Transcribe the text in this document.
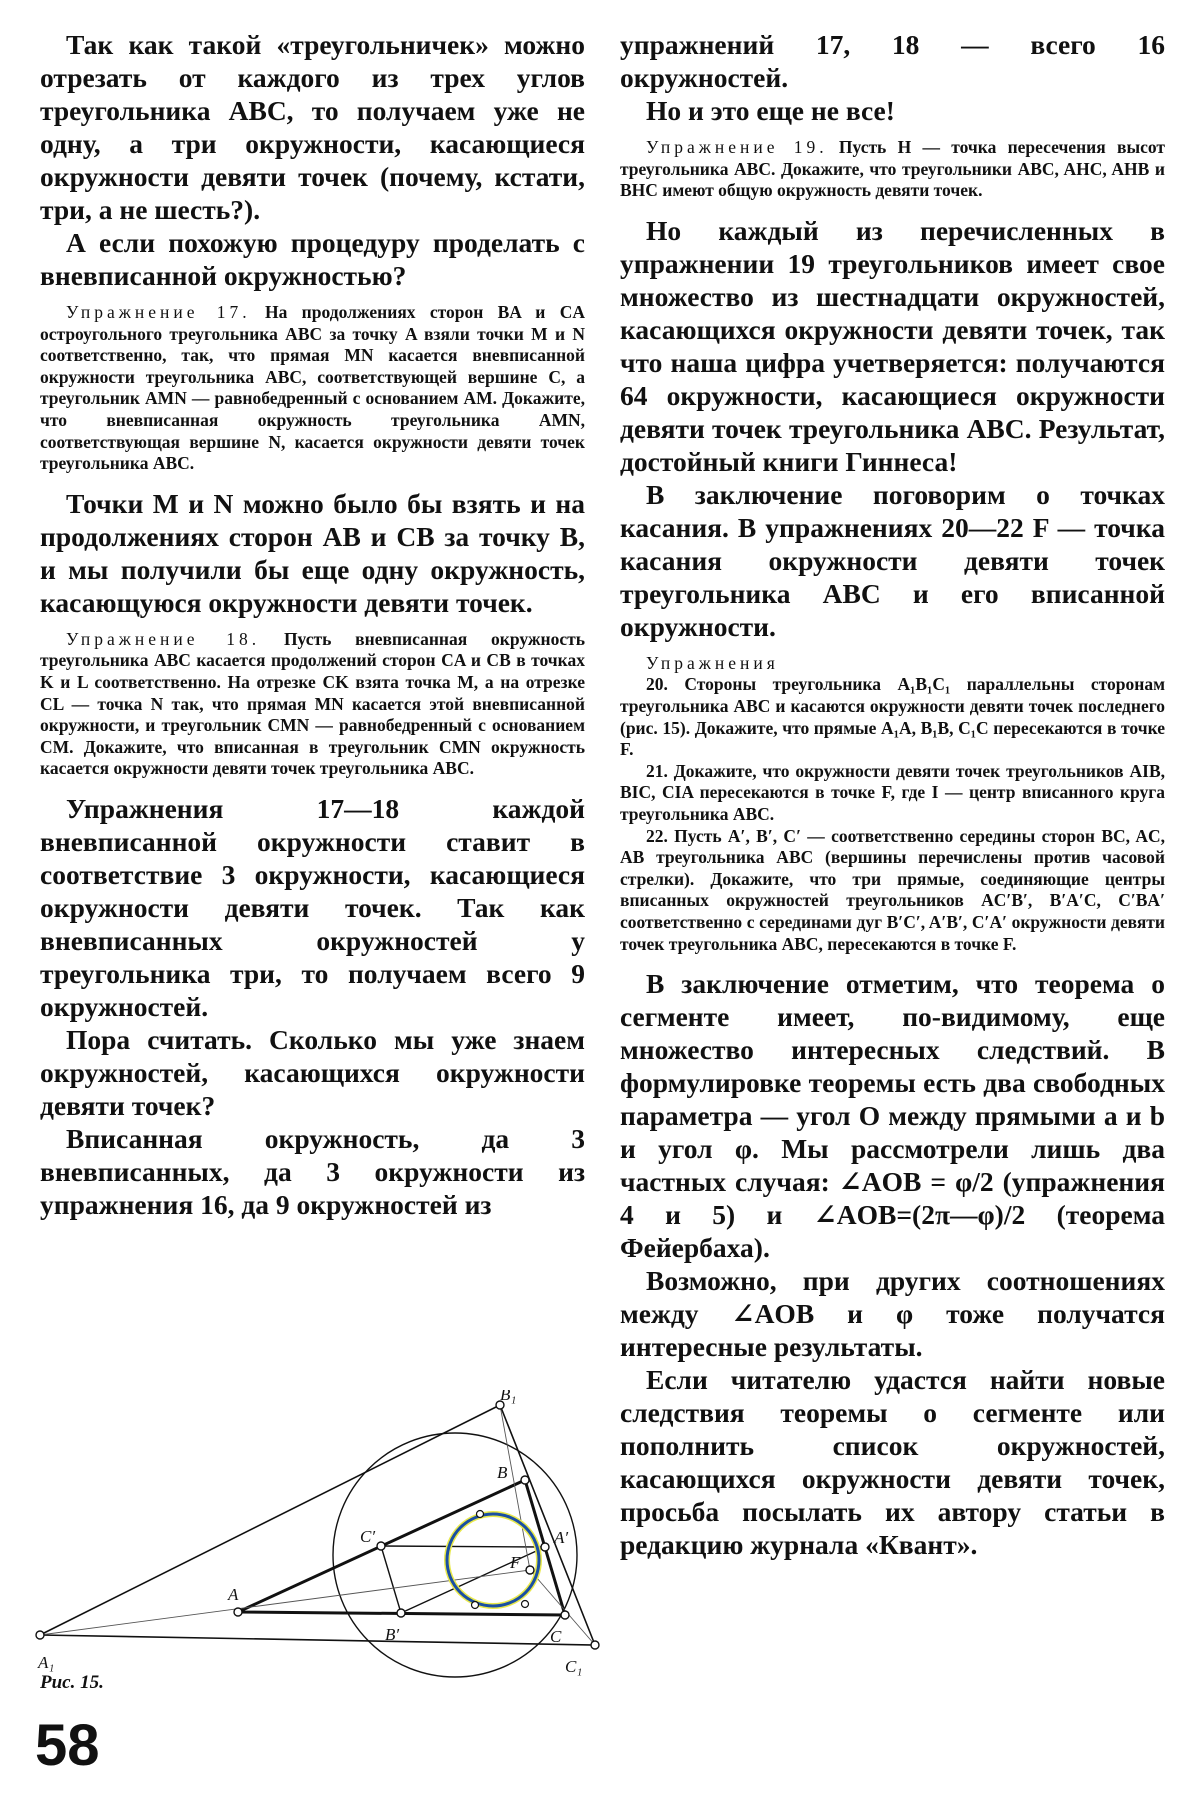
Так как такой «треугольничек» можно отрезать от каждого из трех углов треугольника ABC, то получаем уже не одну, а три окружности, касающиеся окружности девяти точек (почему, кстати, три, а не шесть?).

А если похожую процедуру проделать с вневписанной окружностью?

Упражнение 17. На продолжениях сторон BA и CA остроугольного треугольника ABC за точку A взяли точки M и N соответственно, так, что прямая MN касается вневписанной окружности треугольника ABC, соответствующей вершине C, а треугольник AMN — равнобедренный с основанием AM. Докажите, что вневписанная окружность треугольника AMN, соответствующая вершине N, касается окружности девяти точек треугольника ABC.

Точки M и N можно было бы взять и на продолжениях сторон AB и CB за точку B, и мы получили бы еще одну окружность, касающуюся окружности девяти точек.

Упражнение 18. Пусть вневписанная окружность треугольника ABC касается продолжений сторон CA и CB в точках K и L соответственно. На отрезке CK взята точка M, а на отрезке CL — точка N так, что прямая MN касается этой вневписанной окружности, и треугольник CMN — равнобедренный с основанием CM. Докажите, что вписанная в треугольник CMN окружность касается окружности девяти точек треугольника ABC.

Упражнения 17—18 каждой вневписанной окружности ставит в соответствие 3 окружности, касающиеся окружности девяти точек. Так как вневписанных окружностей у треугольника три, то получаем всего 9 окружностей.

Пора считать. Сколько мы уже знаем окружностей, касающихся окружности девяти точек?

Вписанная окружность, да 3 вневписанных, да 3 окружности из упражнения 16, да 9 окружностей из

упражнений 17, 18 — всего 16 окружностей.

Но и это еще не все!

Упражнение 19. Пусть H — точка пересечения высот треугольника ABC. Докажите, что треугольники ABC, AHC, AHB и BHC имеют общую окружность девяти точек.

Но каждый из перечисленных в упражнении 19 треугольников имеет свое множество из шестнадцати окружностей, касающихся окружности девяти точек, так что наша цифра учетверяется: получаются 64 окружности, касающиеся окружности девяти точек треугольника ABC. Результат, достойный книги Гиннеса!

В заключение поговорим о точках касания. В упражнениях 20—22 F — точка касания окружности девяти точек треугольника ABC и его вписанной окружности.

Упражнения

20. Стороны треугольника A₁B₁C₁ параллельны сторонам треугольника ABC и касаются окружности девяти точек последнего (рис. 15). Докажите, что прямые A₁A, B₁B, C₁C пересекаются в точке F.

21. Докажите, что окружности девяти точек треугольников AIB, BIC, CIA пересекаются в точке F, где I — центр вписанного круга треугольника ABC.

22. Пусть A′, B′, C′ — соответственно середины сторон BC, AC, AB треугольника ABC (вершины перечислены против часовой стрелки). Докажите, что три прямые, соединяющие центры вписанных окружностей треугольников AC′B′, B′A′C, C′BA′ соответственно с серединами дуг B′C′, A′B′, C′A′ окружности девяти точек треугольника ABC, пересекаются в точке F.

В заключение отметим, что теорема о сегменте имеет, по-видимому, еще множество интересных следствий. В формулировке теоремы есть два свободных параметра — угол O между прямыми a и b и угол φ. Мы рассмотрели лишь два частных случая: ∠AOB = φ/2 (упражнения 4 и 5) и ∠AOB=(2π—φ)/2 (теорема Фейербаха).

Возможно, при других соотношениях между ∠AOB и φ тоже получатся интересные результаты.

Если читателю удастся найти новые следствия теоремы о сегменте или пополнить список окружностей, касающихся окружности девяти точек, просьба посылать их автору статьи в редакцию журнала «Квант».

A₁
B₁
C₁
A
B
C
A′
B′
C′
F
Рис. 15.
58
